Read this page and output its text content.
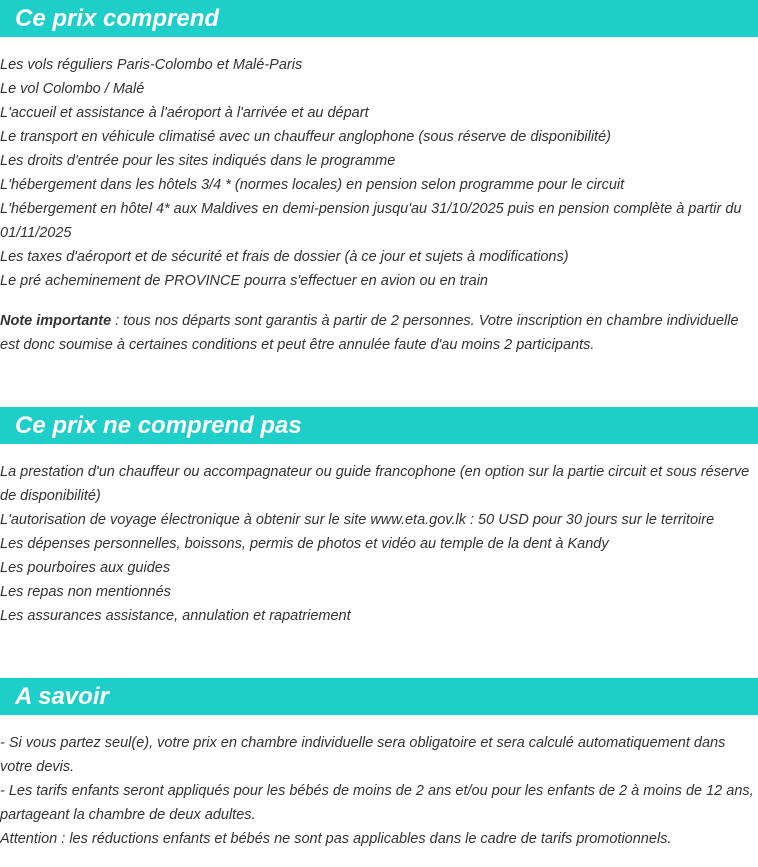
Ce prix comprend

Les vols réguliers Paris-Colombo et Malé-Paris

Le vol Colombo / Malé

L'accueil et assistance à l'aéroport à l'arrivée et au départ

Le transport en véhicule climatisé avec un chauffeur anglophone (sous réserve de disponibilité)

Les droits d'entrée pour les sites indiqués dans le programme

L'hébergement dans les hôtels 3/4 * (normes locales) en pension selon programme pour le circuit

L'hébergement en hôtel 4* aux Maldives en demi-pension jusqu'au 31/10/2025 puis en pension complète à partir du 01/11/2025

Les taxes d'aéroport et de sécurité et frais de dossier (à ce jour et sujets à modifications)

Le pré acheminement de PROVINCE pourra s'effectuer en avion ou en train

Note importante : tous nos départs sont garantis à partir de 2 personnes. Votre inscription en chambre individuelle est donc soumise à certaines conditions et peut être annulée faute d'au moins 2 participants.

Ce prix ne comprend pas

La prestation d'un chauffeur ou accompagnateur ou guide francophone (en option sur la partie circuit et sous réserve de disponibilité)

L'autorisation de voyage électronique à obtenir sur le site www.eta.gov.lk : 50 USD pour 30 jours sur le territoire

Les dépenses personnelles, boissons, permis de photos et vidéo au temple de la dent à Kandy

Les pourboires aux guides

Les repas non mentionnés

Les assurances assistance, annulation et rapatriement

A savoir

- Si vous partez seul(e), votre prix en chambre individuelle sera obligatoire et sera calculé automatiquement dans votre devis.

- Les tarifs enfants seront appliqués pour les bébés de moins de 2 ans et/ou pour les enfants de 2 à moins de 12 ans, partageant la chambre de deux adultes.

Attention : les réductions enfants et bébés ne sont pas applicables dans le cadre de tarifs promotionnels.
